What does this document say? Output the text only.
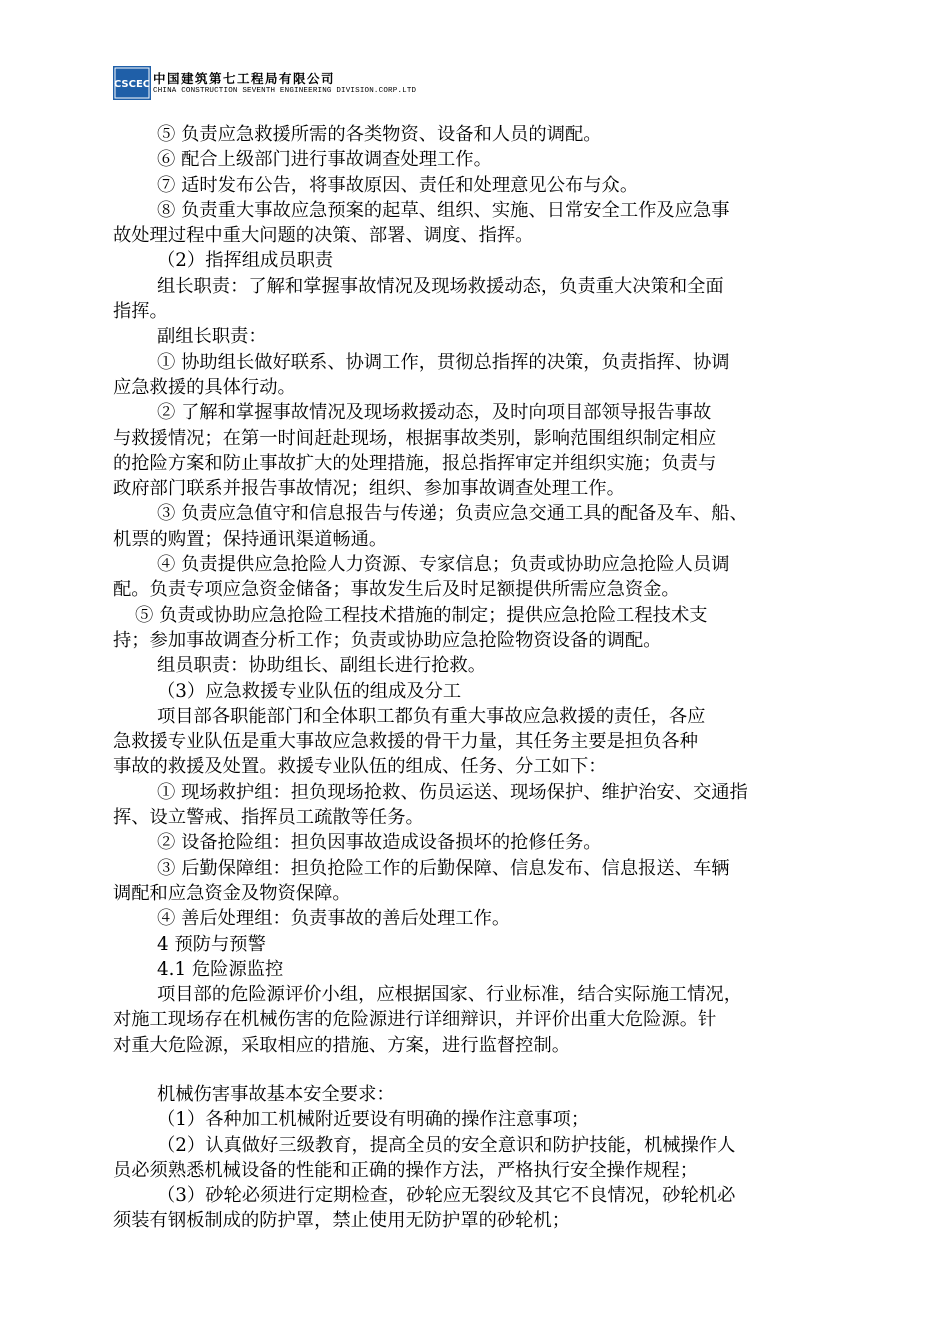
CSCEC 中国建筑第七工程局有限公司
CHINA CONSTRUCTION SEVENTH ENGINEERING DIVISION.CORP.LTD
⑤ 负责应急救援所需的各类物资、设备和人员的调配。
⑥ 配合上级部门进行事故调查处理工作。
⑦ 适时发布公告，将事故原因、责任和处理意见公布与众。
⑧ 负责重大事故应急预案的起草、组织、实施、日常安全工作及应急事
故处理过程中重大问题的决策、部署、调度、指挥。
（2）指挥组成员职责
组长职责：了解和掌握事故情况及现场救援动态，负责重大决策和全面
指挥。
副组长职责：
① 协助组长做好联系、协调工作，贯彻总指挥的决策，负责指挥、协调
应急救援的具体行动。
② 了解和掌握事故情况及现场救援动态，及时向项目部领导报告事故
与救援情况；在第一时间赶赴现场，根据事故类别，影响范围组织制定相应
的抢险方案和防止事故扩大的处理措施，报总指挥审定并组织实施；负责与
政府部门联系并报告事故情况；组织、参加事故调查处理工作。
③ 负责应急值守和信息报告与传递；负责应急交通工具的配备及车、船、
机票的购置；保持通讯渠道畅通。
④ 负责提供应急抢险人力资源、专家信息；负责或协助应急抢险人员调
配。负责专项应急资金储备；事故发生后及时足额提供所需应急资金。
⑤ 负责或协助应急抢险工程技术措施的制定；提供应急抢险工程技术支
持；参加事故调查分析工作；负责或协助应急抢险物资设备的调配。
组员职责：协助组长、副组长进行抢救。
（3）应急救援专业队伍的组成及分工
项目部各职能部门和全体职工都负有重大事故应急救援的责任，各应
急救援专业队伍是重大事故应急救援的骨干力量，其任务主要是担负各种
事故的救援及处置。救援专业队伍的组成、任务、分工如下：
① 现场救护组：担负现场抢救、伤员运送、现场保护、维护治安、交通指
挥、设立警戒、指挥员工疏散等任务。
② 设备抢险组：担负因事故造成设备损坏的抢修任务。
③ 后勤保障组：担负抢险工作的后勤保障、信息发布、信息报送、车辆
调配和应急资金及物资保障。
④ 善后处理组：负责事故的善后处理工作。
4 预防与预警
4.1 危险源监控
项目部的危险源评价小组，应根据国家、行业标准，结合实际施工情况，
对施工现场存在机械伤害的危险源进行详细辩识，并评价出重大危险源。针
对重大危险源，采取相应的措施、方案，进行监督控制。
机械伤害事故基本安全要求：
（1）各种加工机械附近要设有明确的操作注意事项；
（2）认真做好三级教育，提高全员的安全意识和防护技能，机械操作人
员必须熟悉机械设备的性能和正确的操作方法，严格执行安全操作规程；
（3）砂轮必须进行定期检查，砂轮应无裂纹及其它不良情况，砂轮机必
须装有钢板制成的防护罩，禁止使用无防护罩的砂轮机；
